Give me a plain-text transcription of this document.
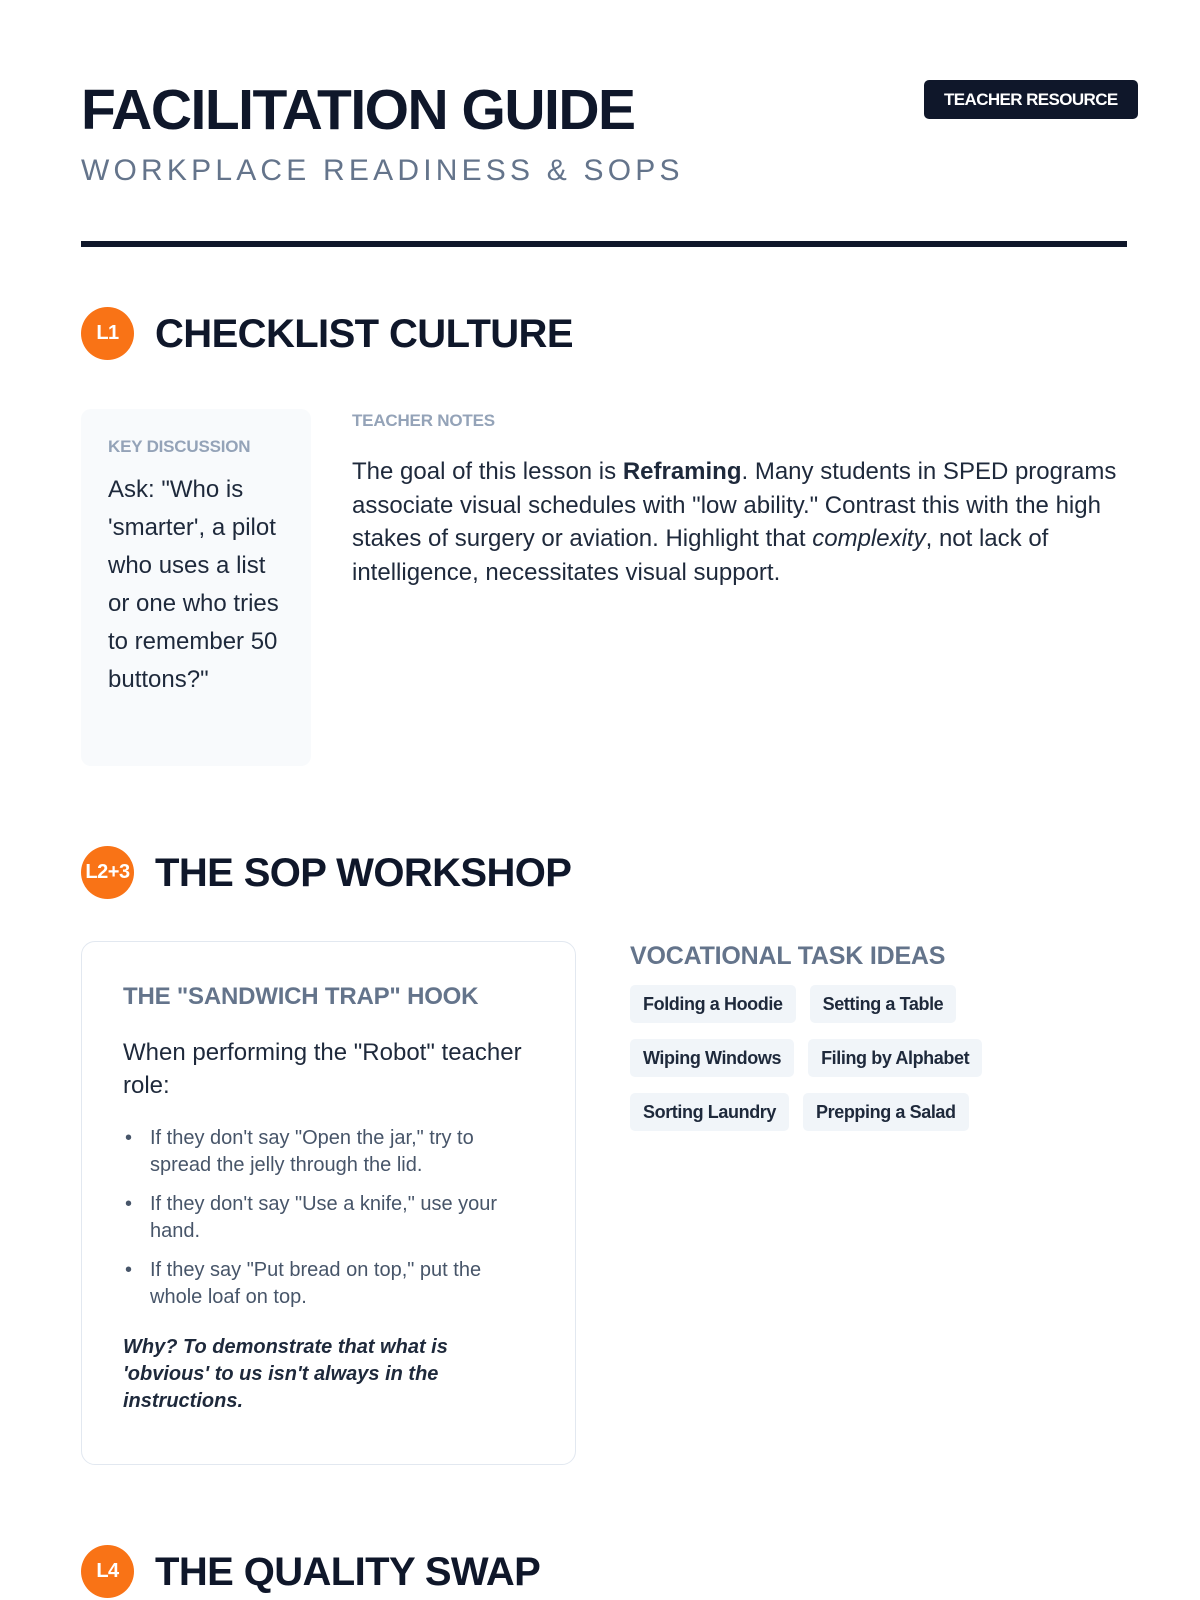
FACILITATION GUIDE
WORKPLACE READINESS & SOPS
TEACHER RESOURCE
L1 CHECKLIST CULTURE
KEY DISCUSSION

Ask: "Who is 'smarter', a pilot who uses a list or one who tries to remember 50 buttons?"

TEACHER NOTES

The goal of this lesson is Reframing. Many students in SPED programs associate visual schedules with "low ability." Contrast this with the high stakes of surgery or aviation. Highlight that complexity, not lack of intelligence, necessitates visual support.

L2+3 THE SOP WORKSHOP
THE "SANDWICH TRAP" HOOK

When performing the "Robot" teacher role:

• If they don't say "Open the jar," try to spread the jelly through the lid.
• If they don't say "Use a knife," use your hand.
• If they say "Put bread on top," put the whole loaf on top.

Why? To demonstrate that what is 'obvious' to us isn't always in the instructions.

VOCATIONAL TASK IDEAS
Folding a Hoodie	Setting a Table
Wiping Windows	Filing by Alphabet
Sorting Laundry	Prepping a Salad
L4 THE QUALITY SWAP
